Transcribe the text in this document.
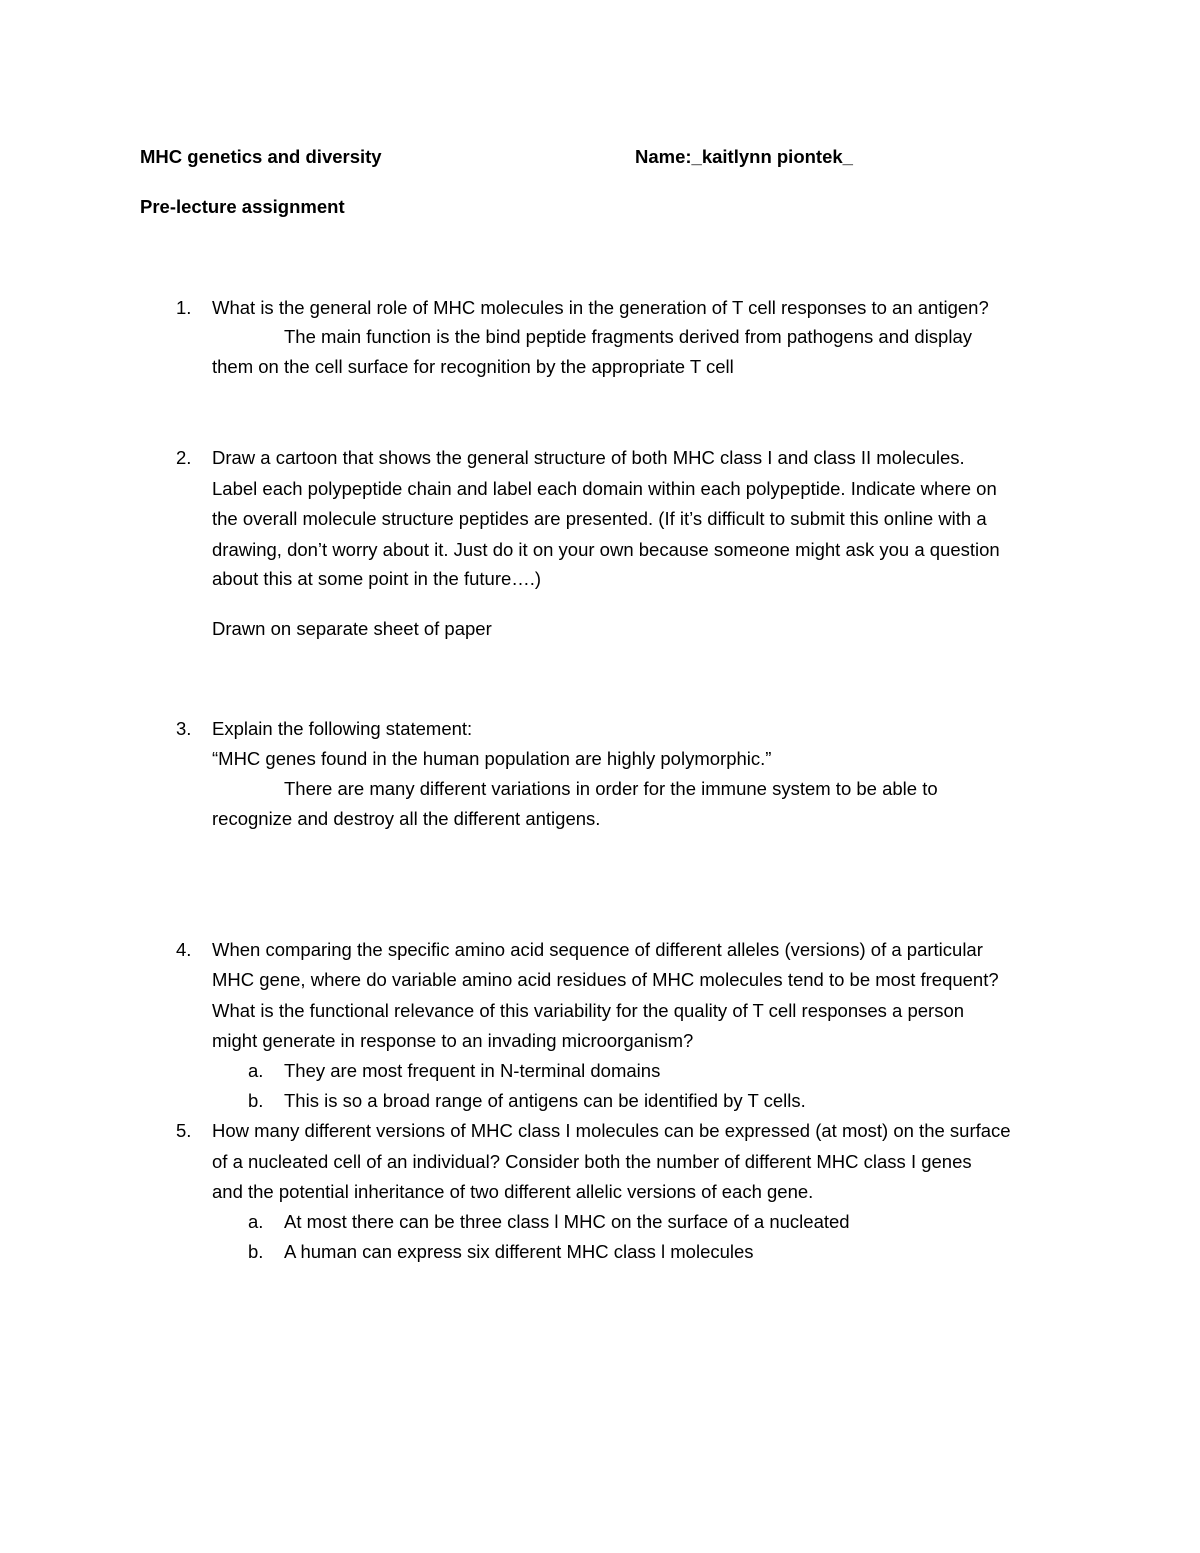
MHC genetics and diversity	Name:_kaitlynn piontek_
Pre-lecture assignment
1. What is the general role of MHC molecules in the generation of T cell responses to an antigen?
The main function is the bind peptide fragments derived from pathogens and display
them on the cell surface for recognition by the appropriate T cell
2. Draw a cartoon that shows the general structure of both MHC class I and class II molecules.
Label each polypeptide chain and label each domain within each polypeptide. Indicate where on
the overall molecule structure peptides are presented. (If it’s difficult to submit this online with a
drawing, don’t worry about it. Just do it on your own because someone might ask you a question
about this at some point in the future….)
Drawn on separate sheet of paper
3. Explain the following statement:
“MHC genes found in the human population are highly polymorphic.”
There are many different variations in order for the immune system to be able to
recognize and destroy all the different antigens.
4. When comparing the specific amino acid sequence of different alleles (versions) of a particular
MHC gene, where do variable amino acid residues of MHC molecules tend to be most frequent?
What is the functional relevance of this variability for the quality of T cell responses a person
might generate in response to an invading microorganism?
a. They are most frequent in N-terminal domains
b. This is so a broad range of antigens can be identified by T cells.
5. How many different versions of MHC class I molecules can be expressed (at most) on the surface
of a nucleated cell of an individual? Consider both the number of different MHC class I genes
and the potential inheritance of two different allelic versions of each gene.
a. At most there can be three class l MHC on the surface of a nucleated
b. A human can express six different MHC class l molecules
